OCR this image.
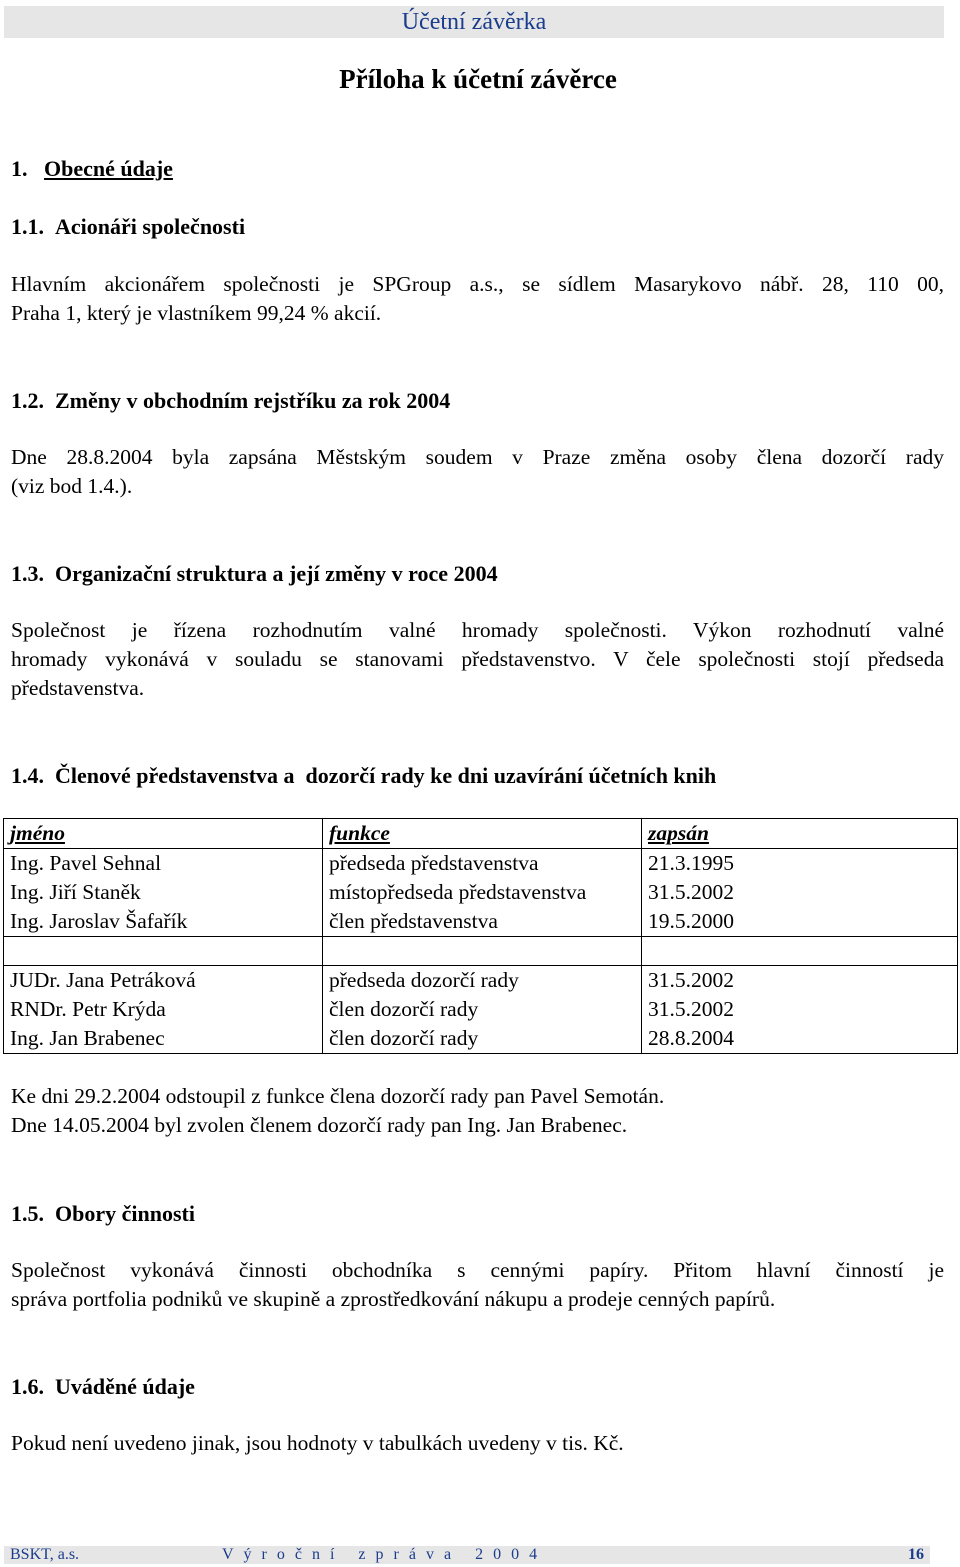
Účetní závěrka
Příloha k účetní závěrce
1. Obecné údaje
1.1. Acionáři společnosti
Hlavním akcionářem společnosti je SPGroup a.s., se sídlem Masarykovo nábř. 28, 110 00,
Praha 1, který je vlastníkem 99,24 % akcií.
1.2. Změny v obchodním rejstříku za rok 2004
Dne 28.8.2004 byla zapsána Městským soudem v Praze změna osoby člena dozorčí rady
(viz bod 1.4.).
1.3. Organizační struktura a její změny v roce 2004
Společnost je řízena rozhodnutím valné hromady společnosti. Výkon rozhodnutí valné
hromady vykonává v souladu se stanovami představenstvo. V čele společnosti stojí předseda
představenstva.
1.4. Členové představenstva a  dozorčí rady ke dni uzavírání účetních knih
jméno	funkce	zapsán
Ing. Pavel Sehnal	předseda představenstva	21.3.1995
Ing. Jiří Staněk	místopředseda představenstva	31.5.2002
Ing. Jaroslav Šafařík	člen představenstva	19.5.2000

JUDr. Jana Petráková	předseda dozorčí rady	31.5.2002
RNDr. Petr Krýda	člen dozorčí rady	31.5.2002
Ing. Jan Brabenec	člen dozorčí rady	28.8.2004
Ke dni 29.2.2004 odstoupil z funkce člena dozorčí rady pan Pavel Semotán.
Dne 14.05.2004 byl zvolen členem dozorčí rady pan Ing. Jan Brabenec.
1.5. Obory činnosti
Společnost vykonává činnosti obchodníka s cennými papíry. Přitom hlavní činností je
správa portfolia podniků ve skupině a zprostředkování nákupu a prodeje cenných papírů.
1.6. Uváděné údaje
Pokud není uvedeno jinak, jsou hodnoty v tabulkách uvedeny v tis. Kč.
BSKT, a.s.	Výroční zpráva 2004	16
